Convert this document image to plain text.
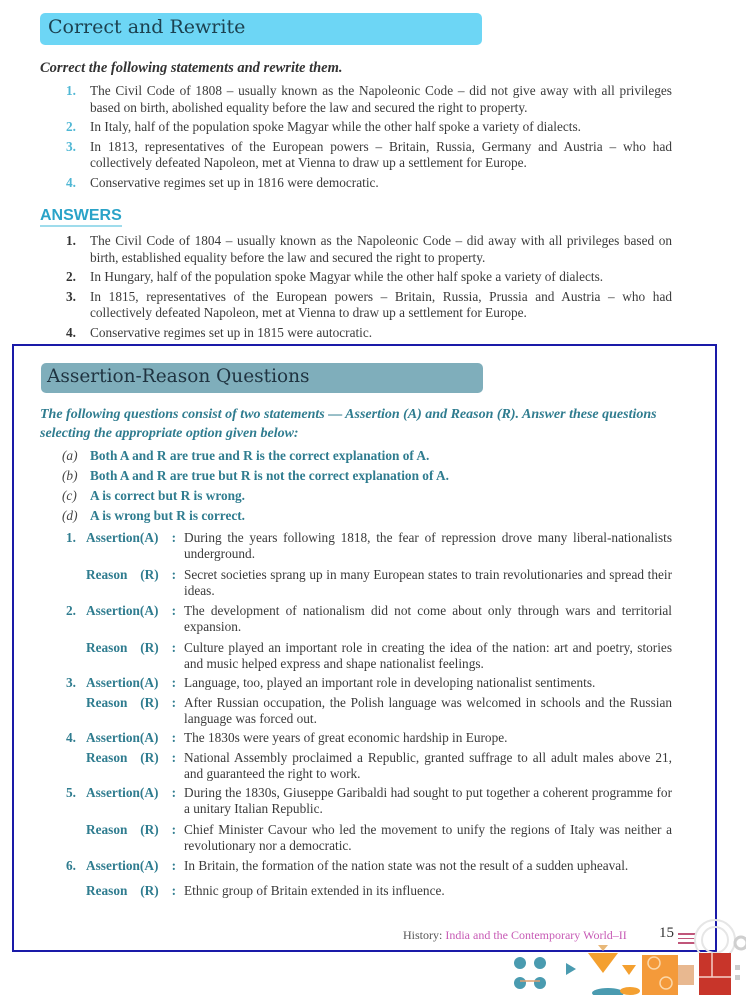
Correct and Rewrite
Correct the following statements and rewrite them.
1.	The Civil Code of 1808 – usually known as the Napoleonic Code – did not give away with all privileges based on birth, abolished equality before the law and secured the right to property.
2.	In Italy, half of the population spoke Magyar while the other half spoke a variety of dialects.
3.	In 1813, representatives of the European powers – Britain, Russia, Germany and Austria – who had collectively defeated Napoleon, met at Vienna to draw up a settlement for Europe.
4.	Conservative regimes set up in 1816 were democratic.
ANSWERS
1.	The Civil Code of 1804 – usually known as the Napoleonic Code – did away with all privileges based on birth, established equality before the law and secured the right to property.
2.	In Hungary, half of the population spoke Magyar while the other half spoke a variety of dialects.
3.	In 1815, representatives of the European powers – Britain, Russia, Prussia and Austria – who had collectively defeated Napoleon, met at Vienna to draw up a settlement for Europe.
4.	Conservative regimes set up in 1815 were autocratic.
Assertion-Reason Questions
The following questions consist of two statements — Assertion (A) and Reason (R). Answer these questions selecting the appropriate option given below:
(a) Both A and R are true and R is the correct explanation of A.
(b) Both A and R are true but R is not the correct explanation of A.
(c) A is correct but R is wrong.
(d) A is wrong but R is correct.
1. Assertion(A) : During the years following 1818, the fear of repression drove many liberal-nationalists underground.
Reason (R) : Secret societies sprang up in many European states to train revolutionaries and spread their ideas.
2. Assertion(A) : The development of nationalism did not come about only through wars and territorial expansion.
Reason (R) : Culture played an important role in creating the idea of the nation: art and poetry, stories and music helped express and shape nationalist feelings.
3. Assertion(A) : Language, too, played an important role in developing nationalist sentiments.
Reason (R) : After Russian occupation, the Polish language was welcomed in schools and the Russian language was forced out.
4. Assertion(A) : The 1830s were years of great economic hardship in Europe.
Reason (R) : National Assembly proclaimed a Republic, granted suffrage to all adult males above 21, and guaranteed the right to work.
5. Assertion(A) : During the 1830s, Giuseppe Garibaldi had sought to put together a coherent programme for a unitary Italian Republic.
Reason (R) : Chief Minister Cavour who led the movement to unify the regions of Italy was neither a revolutionary nor a democratic.
6. Assertion(A) : In Britain, the formation of the nation state was not the result of a sudden upheaval.
Reason (R) : Ethnic group of Britain extended in its influence.
History: India and the Contemporary World–II 15
